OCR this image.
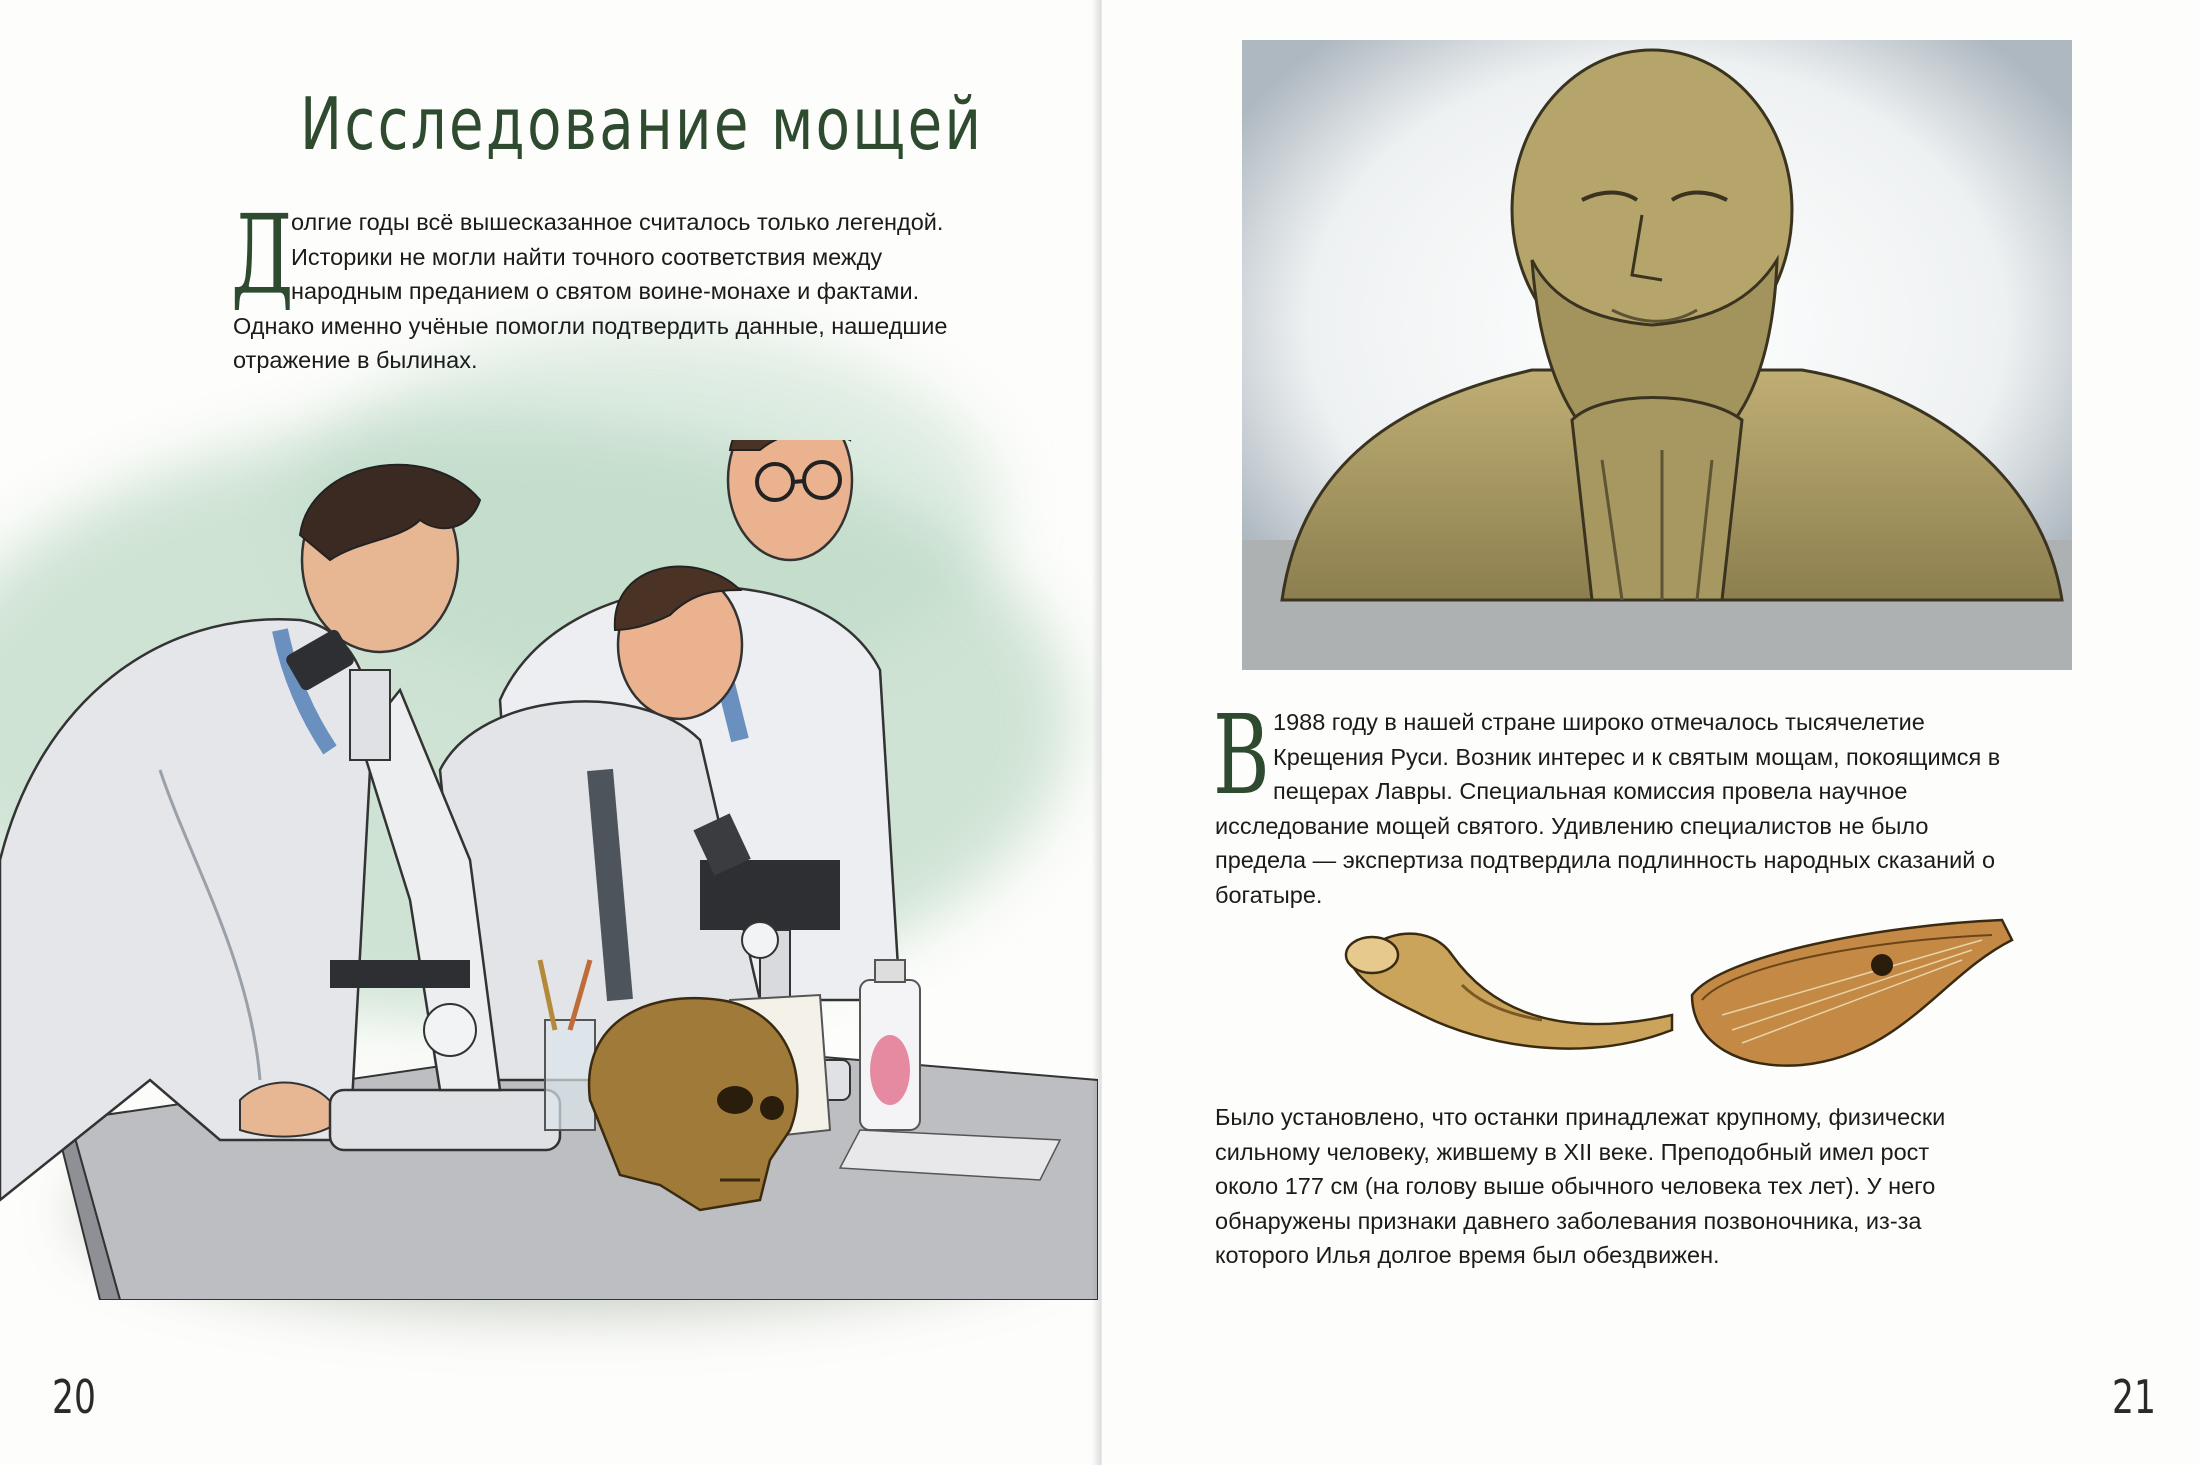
Исследование мощей
Д
олгие годы всё вышесказанное считалось только легендой. Историки не могли найти точного соответствия между народным преданием о святом воине-монахе и фактами. Однако именно учёные помогли подтвердить данные, нашедшие отражение в былинах.
20
В 1988 году в нашей стране широко отмечалось тысячелетие Крещения Руси. Возник интерес и к святым мощам, покоящимся в пещерах Лавры. Специальная комиссия провела научное исследование мощей святого. Удивлению специалистов не было предела — экспертиза подтвердила подлинность народных сказаний о богатыре.
Было установлено, что останки принадлежат крупному, физически сильному человеку, жившему в XII веке. Преподобный имел рост около 177 см (на голову выше обычного человека тех лет). У него обнаружены признаки давнего заболевания позвоночника, из-за которого Илья долгое время был обездвижен.
21
